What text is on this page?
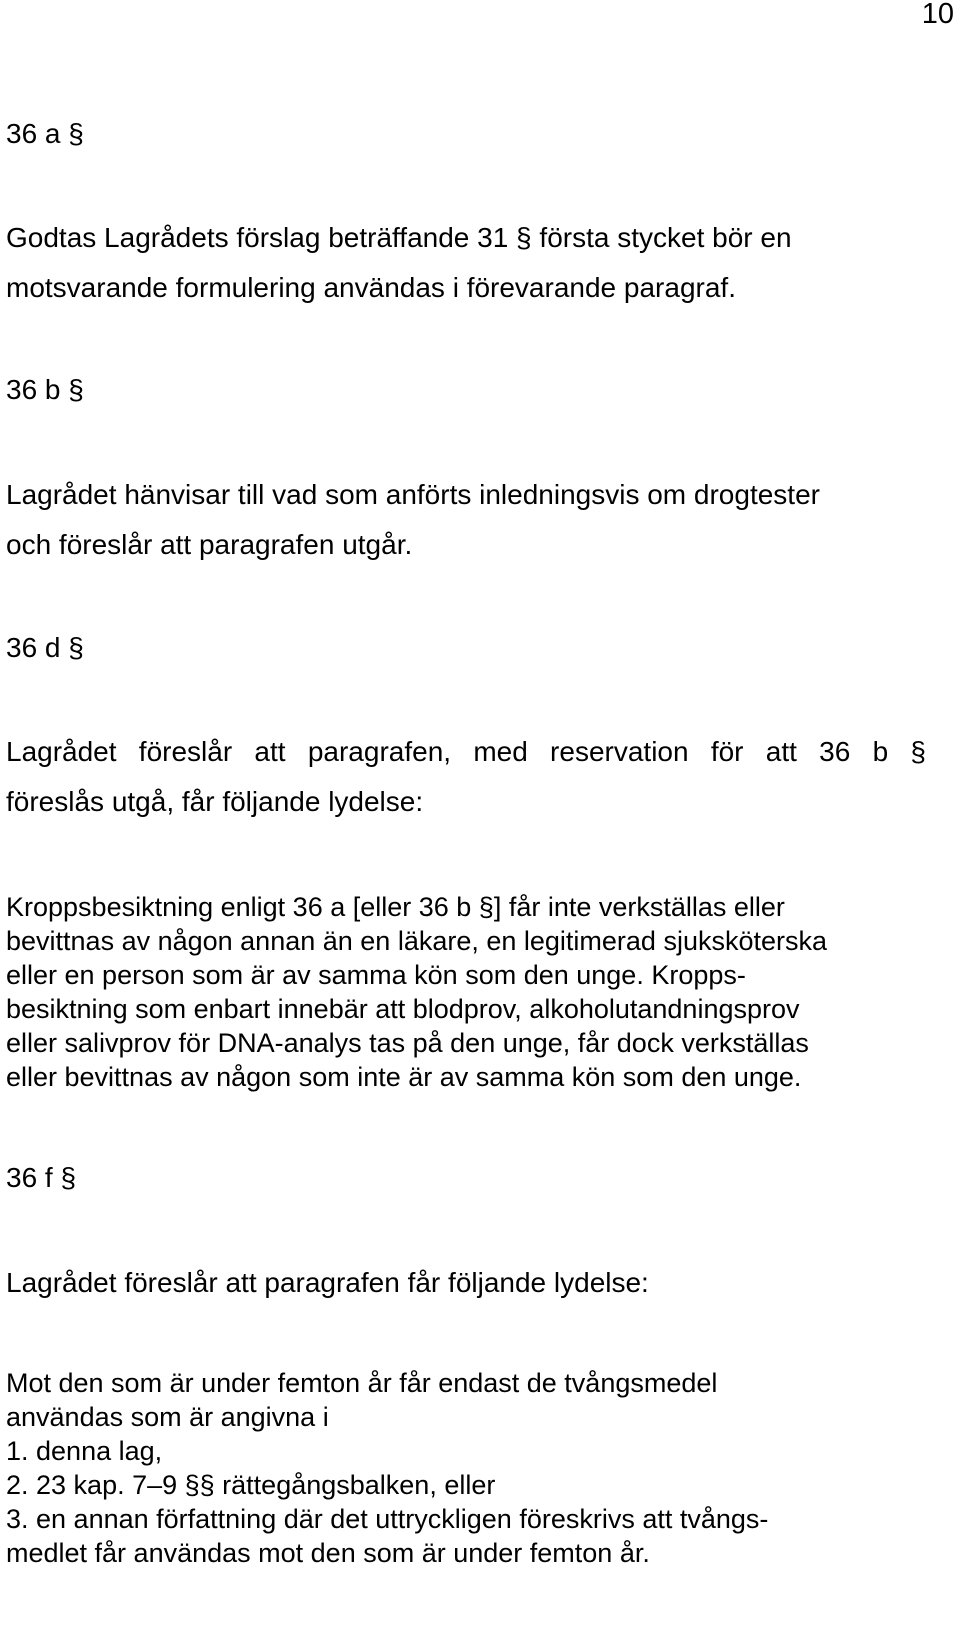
10
36 a §
Godtas Lagrådets förslag beträffande 31 § första stycket bör en
motsvarande formulering användas i förevarande paragraf.
36 b §
Lagrådet hänvisar till vad som anförts inledningsvis om drogtester
och föreslår att paragrafen utgår.
36 d §
Lagrådet föreslår att paragrafen, med reservation för att 36 b §
föreslås utgå, får följande lydelse:
Kroppsbesiktning enligt 36 a [eller 36 b §] får inte verkställas eller
bevittnas av någon annan än en läkare, en legitimerad sjuksköterska
eller en person som är av samma kön som den unge. Kropps-
besiktning som enbart innebär att blodprov, alkoholutandningsprov
eller salivprov för DNA-analys tas på den unge, får dock verkställas
eller bevittnas av någon som inte är av samma kön som den unge.
36 f §
Lagrådet föreslår att paragrafen får följande lydelse:
Mot den som är under femton år får endast de tvångsmedel
användas som är angivna i
1. denna lag,
2. 23 kap. 7–9 §§ rättegångsbalken, eller
3. en annan författning där det uttryckligen föreskrivs att tvångs-
medlet får användas mot den som är under femton år.
